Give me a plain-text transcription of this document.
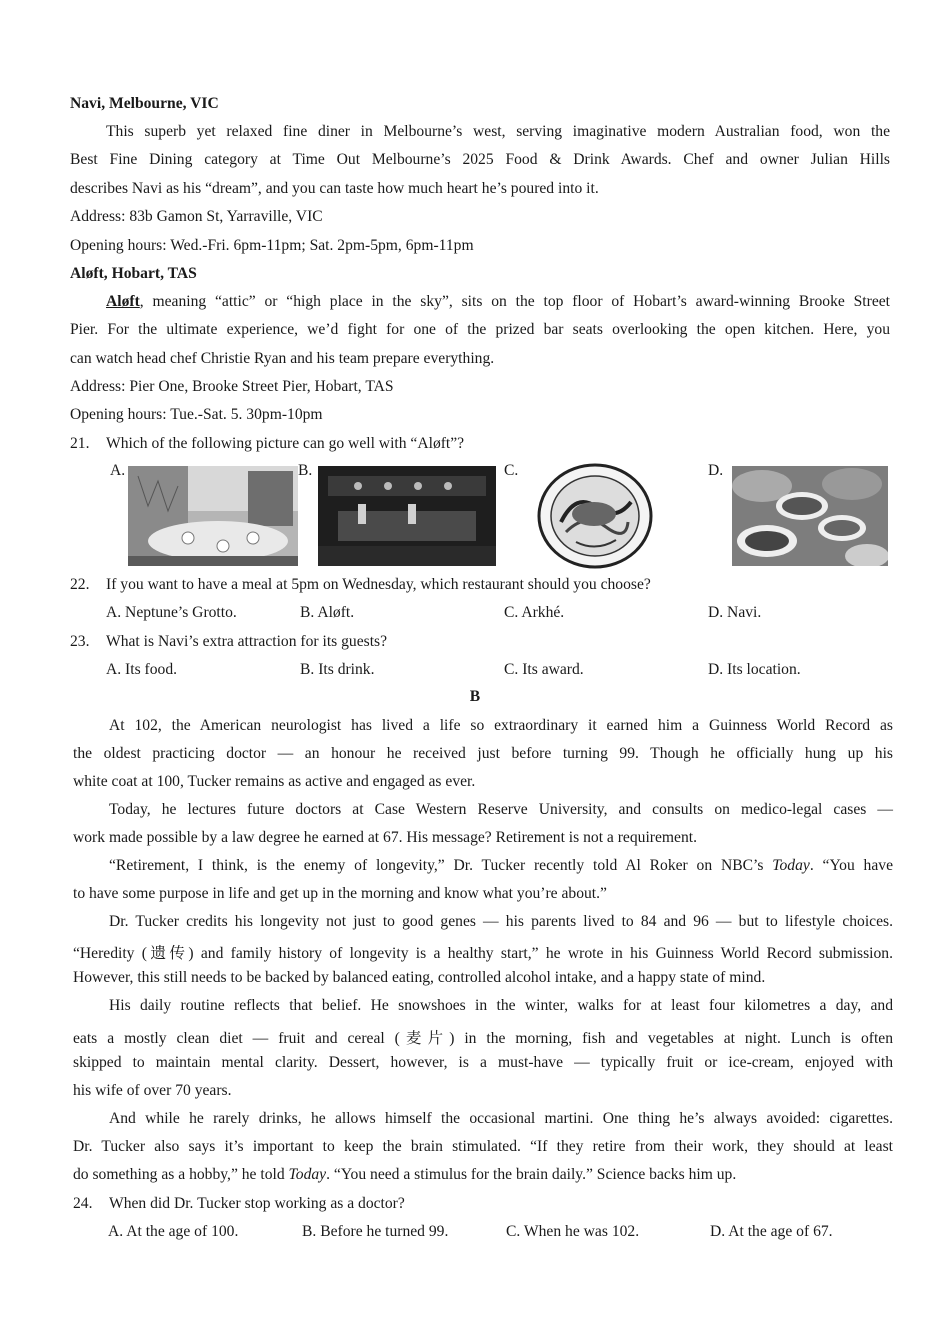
Navi, Melbourne, VIC
This superb yet relaxed fine diner in Melbourne’s west, serving imaginative modern Australian food, won the
Best Fine Dining category at Time Out Melbourne’s 2025 Food & Drink Awards. Chef and owner Julian Hills
describes Navi as his “dream”, and you can taste how much heart he’s poured into it.
Address: 83b Gamon St, Yarraville, VIC
Opening hours: Wed.-Fri. 6pm-11pm; Sat. 2pm-5pm, 6pm-11pm
Aløft, Hobart, TAS
Aløft, meaning “attic” or “high place in the sky”, sits on the top floor of Hobart’s award-winning Brooke Street
Pier. For the ultimate experience, we’d fight for one of the prized bar seats overlooking the open kitchen. Here, you
can watch head chef Christie Ryan and his team prepare everything.
Address: Pier One, Brooke Street Pier, Hobart, TAS
Opening hours: Tue.-Sat. 5. 30pm-10pm
21. Which of the following picture can go well with “Aløft”?
A.	B.	C.	D.
22. If you want to have a meal at 5pm on Wednesday, which restaurant should you choose?
A. Neptune’s Grotto.	B. Aløft.	C. Arkhé.	D. Navi.
23. What is Navi’s extra attraction for its guests?
A. Its food.	B. Its drink.	C. Its award.	D. Its location.
B
At 102, the American neurologist has lived a life so extraordinary it earned him a Guinness World Record as
the oldest practicing doctor — an honour he received just before turning 99. Though he officially hung up his
white coat at 100, Tucker remains as active and engaged as ever.
Today, he lectures future doctors at Case Western Reserve University, and consults on medico-legal cases —
work made possible by a law degree he earned at 67. His message? Retirement is not a requirement.
“Retirement, I think, is the enemy of longevity,” Dr. Tucker recently told Al Roker on NBC’s Today. “You have
to have some purpose in life and get up in the morning and know what you’re about.”
Dr. Tucker credits his longevity not just to good genes — his parents lived to 84 and 96 — but to lifestyle choices.
“Heredity (遗传) and family history of longevity is a healthy start,” he wrote in his Guinness World Record submission.
However, this still needs to be backed by balanced eating, controlled alcohol intake, and a happy state of mind.
His daily routine reflects that belief. He snowshoes in the winter, walks for at least four kilometres a day, and
eats a mostly clean diet — fruit and cereal (麦片) in the morning, fish and vegetables at night. Lunch is often
skipped to maintain mental clarity. Dessert, however, is a must-have — typically fruit or ice-cream, enjoyed with
his wife of over 70 years.
And while he rarely drinks, he allows himself the occasional martini. One thing he’s always avoided: cigarettes.
Dr. Tucker also says it’s important to keep the brain stimulated. “If they retire from their work, they should at least
do something as a hobby,” he told Today. “You need a stimulus for the brain daily.” Science backs him up.
24. When did Dr. Tucker stop working as a doctor?
A. At the age of 100.	B. Before he turned 99.	C. When he was 102.	D. At the age of 67.
